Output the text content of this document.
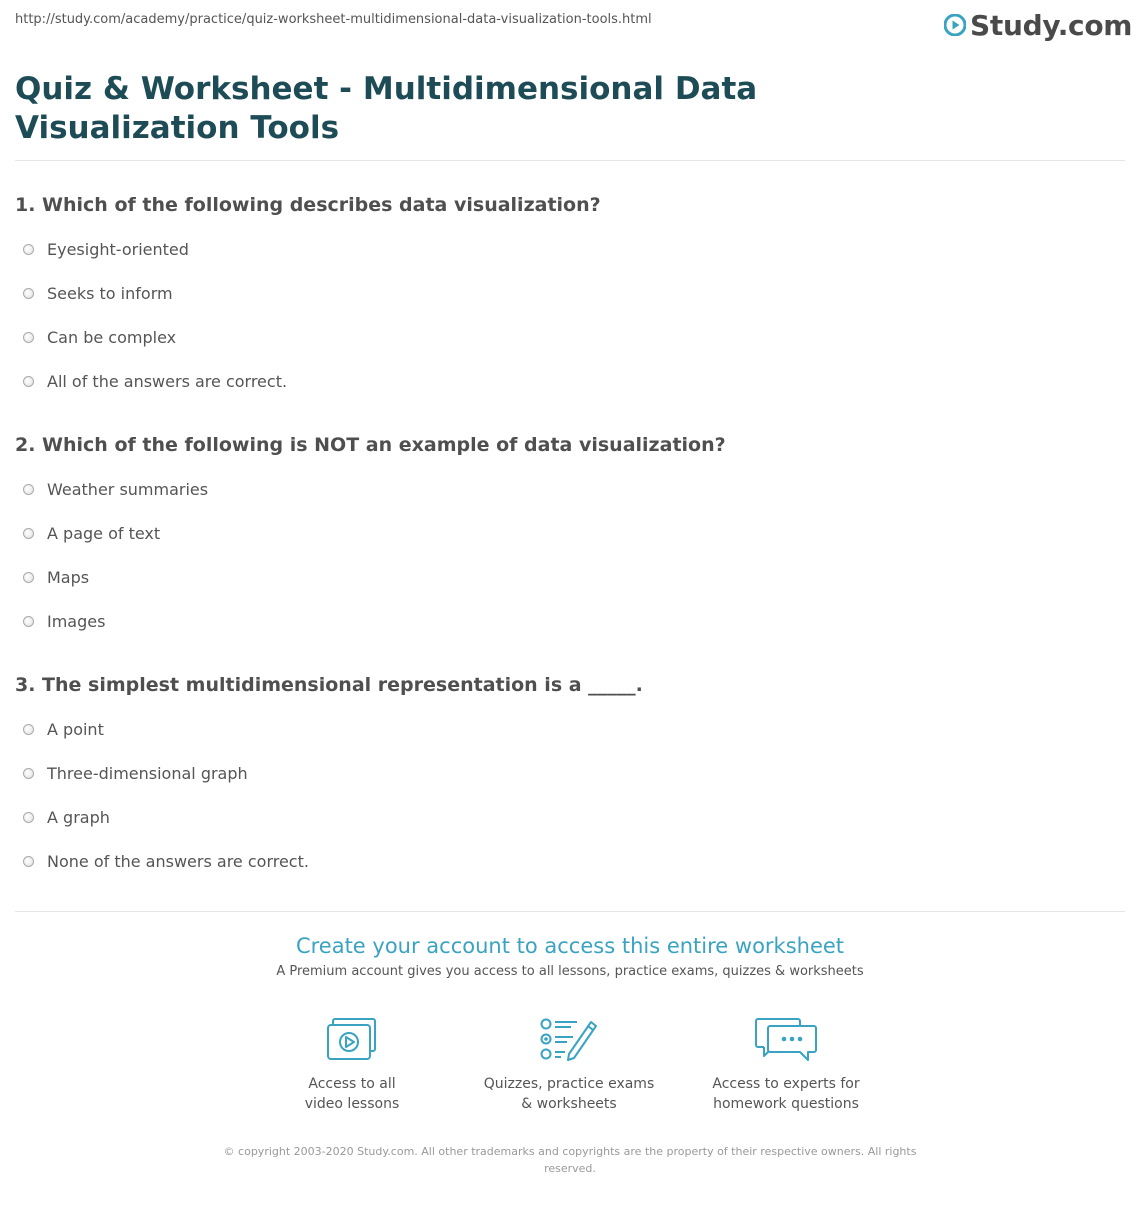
http://study.com/academy/practice/quiz-worksheet-multidimensional-data-visualization-tools.html	Study.com
Quiz & Worksheet - Multidimensional Data Visualization Tools
1. Which of the following describes data visualization?
Eyesight-oriented
Seeks to inform
Can be complex
All of the answers are correct.
2. Which of the following is NOT an example of data visualization?
Weather summaries
A page of text
Maps
Images
3. The simplest multidimensional representation is a _____.
A point
Three-dimensional graph
A graph
None of the answers are correct.
Create your account to access this entire worksheet
A Premium account gives you access to all lessons, practice exams, quizzes & worksheets
Access to all
video lessons
Quizzes, practice exams
& worksheets
Access to experts for
homework questions
© copyright 2003-2020 Study.com. All other trademarks and copyrights are the property of their respective owners. All rights reserved.
